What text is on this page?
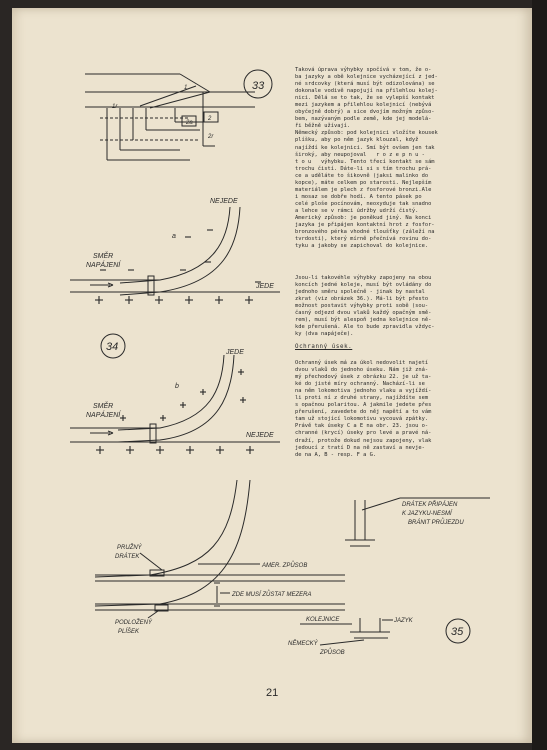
33
1r
1
2a
2
2r
NEJEDE
a
SMĚR
NAPÁJENÍ
JEDE
34	JEDE
b
SMĚR
NAPÁJENÍ
NEJEDE
DRÁTEK PŘIPÁJEN
K JAZYKU-NESMÍ
BRÁNIT PRŮJEZDU
PRUŽNÝ
DRÁTEK
AMER. ZPŮSOB
ZDE MUSÍ ZŮSTAT MEZERA
PODLOŽENÝ
PLÍŠEK
KOLEJNICE	JAZYK
NĚMECKÝ
ZPŮSOB
35

Taková úprava výhybky spočívá v tom, že o-
ba jazyky a obě kolejnice vycházející z jed-
né srdcovky (která musí být odizolována) se
dokonale vodivě napojují na přilehlou kolej-
nici. Dělá se to tak, že se vylepší kontakt
mezi jazykem a přilehlou kolejnicí (nebývá
obyčejně dobrý) a sice dvojím možným způso-
bem, nazývaným podle země, kde jej modelá-
ři běžně užívají.
Německý způsob: pod kolejnici vložíte kousek
plíšku, aby po něm jazyk klouzal, když
najíždí ke kolejnici. Smí být ovšem jen tak
široký, aby neupojoval   r o z e p n u -
t o u   výhybku. Tento třecí kontakt se sám
trochu čistí. Dáte-li si s tím trochu prá-
ce a uděláte to šikovně (jaksi malinko do
kopce), máte celkem po starosti. Nejlepším
materiálem je plech z fosforové bronzi.Ale
i mosaz se dobře hodí. A tento pásek po
celé ploše pocínovám, neoxyduje tak snadno
a lehce se v rámci údržby udrží čistý.
Americký způsob: je poněkud jiný. Na konci
jazyka je připájen kontaktní hrot z fosfor-
bronzového pérka vhodné tloušťky (záleží na
tvrdosti), který mírně přečnívá rovinu do-
tyku a jakoby se zapichoval do kolejnice.

Jsou-li takovéhle výhybky zapojeny na obou
koncích jedné koleje, musí být ovládány do
jednoho směru společně - jinak by nastal
zkrat (viz obrázek 36.). Má-li být přesto
možnost postavit výhybky proti sobě (sou-
časný odjezd dvou vlaků každý opačným smě-
rem), musí být alespoň jedna kolejnice ně-
kde přerušená. Ale to bude zpravidla vždyc-
ky (dva napáječe).

Ochranný úsek.

Ochranný úsek má za úkol nedovolit najetí
dvou vlaků do jednoho úseku. Nám již zná-
mý přechodový úsek z obrázku 22. je už ta-
ké do jisté míry ochranný. Nachází-li se
na něm lokomotiva jednoho vlaku a vyjíždí-
li proti ní z druhé strany, najíždíte sem
s opačnou polaritou. A jakmile jedete přes
přerušení, zavedete do něj napětí a to vám
tam už stojící lokomotivu vycouvá zpátky.
Právě tak úseky C a E na obr. 23. jsou o-
chranné (krycí) úseky pro levé a pravé ná-
draží, protože dokud nejsou zapojeny, vlak
jedoucí z tratí D na ně zastaví a nevje-
de na A, B - resp. F a G.

21
